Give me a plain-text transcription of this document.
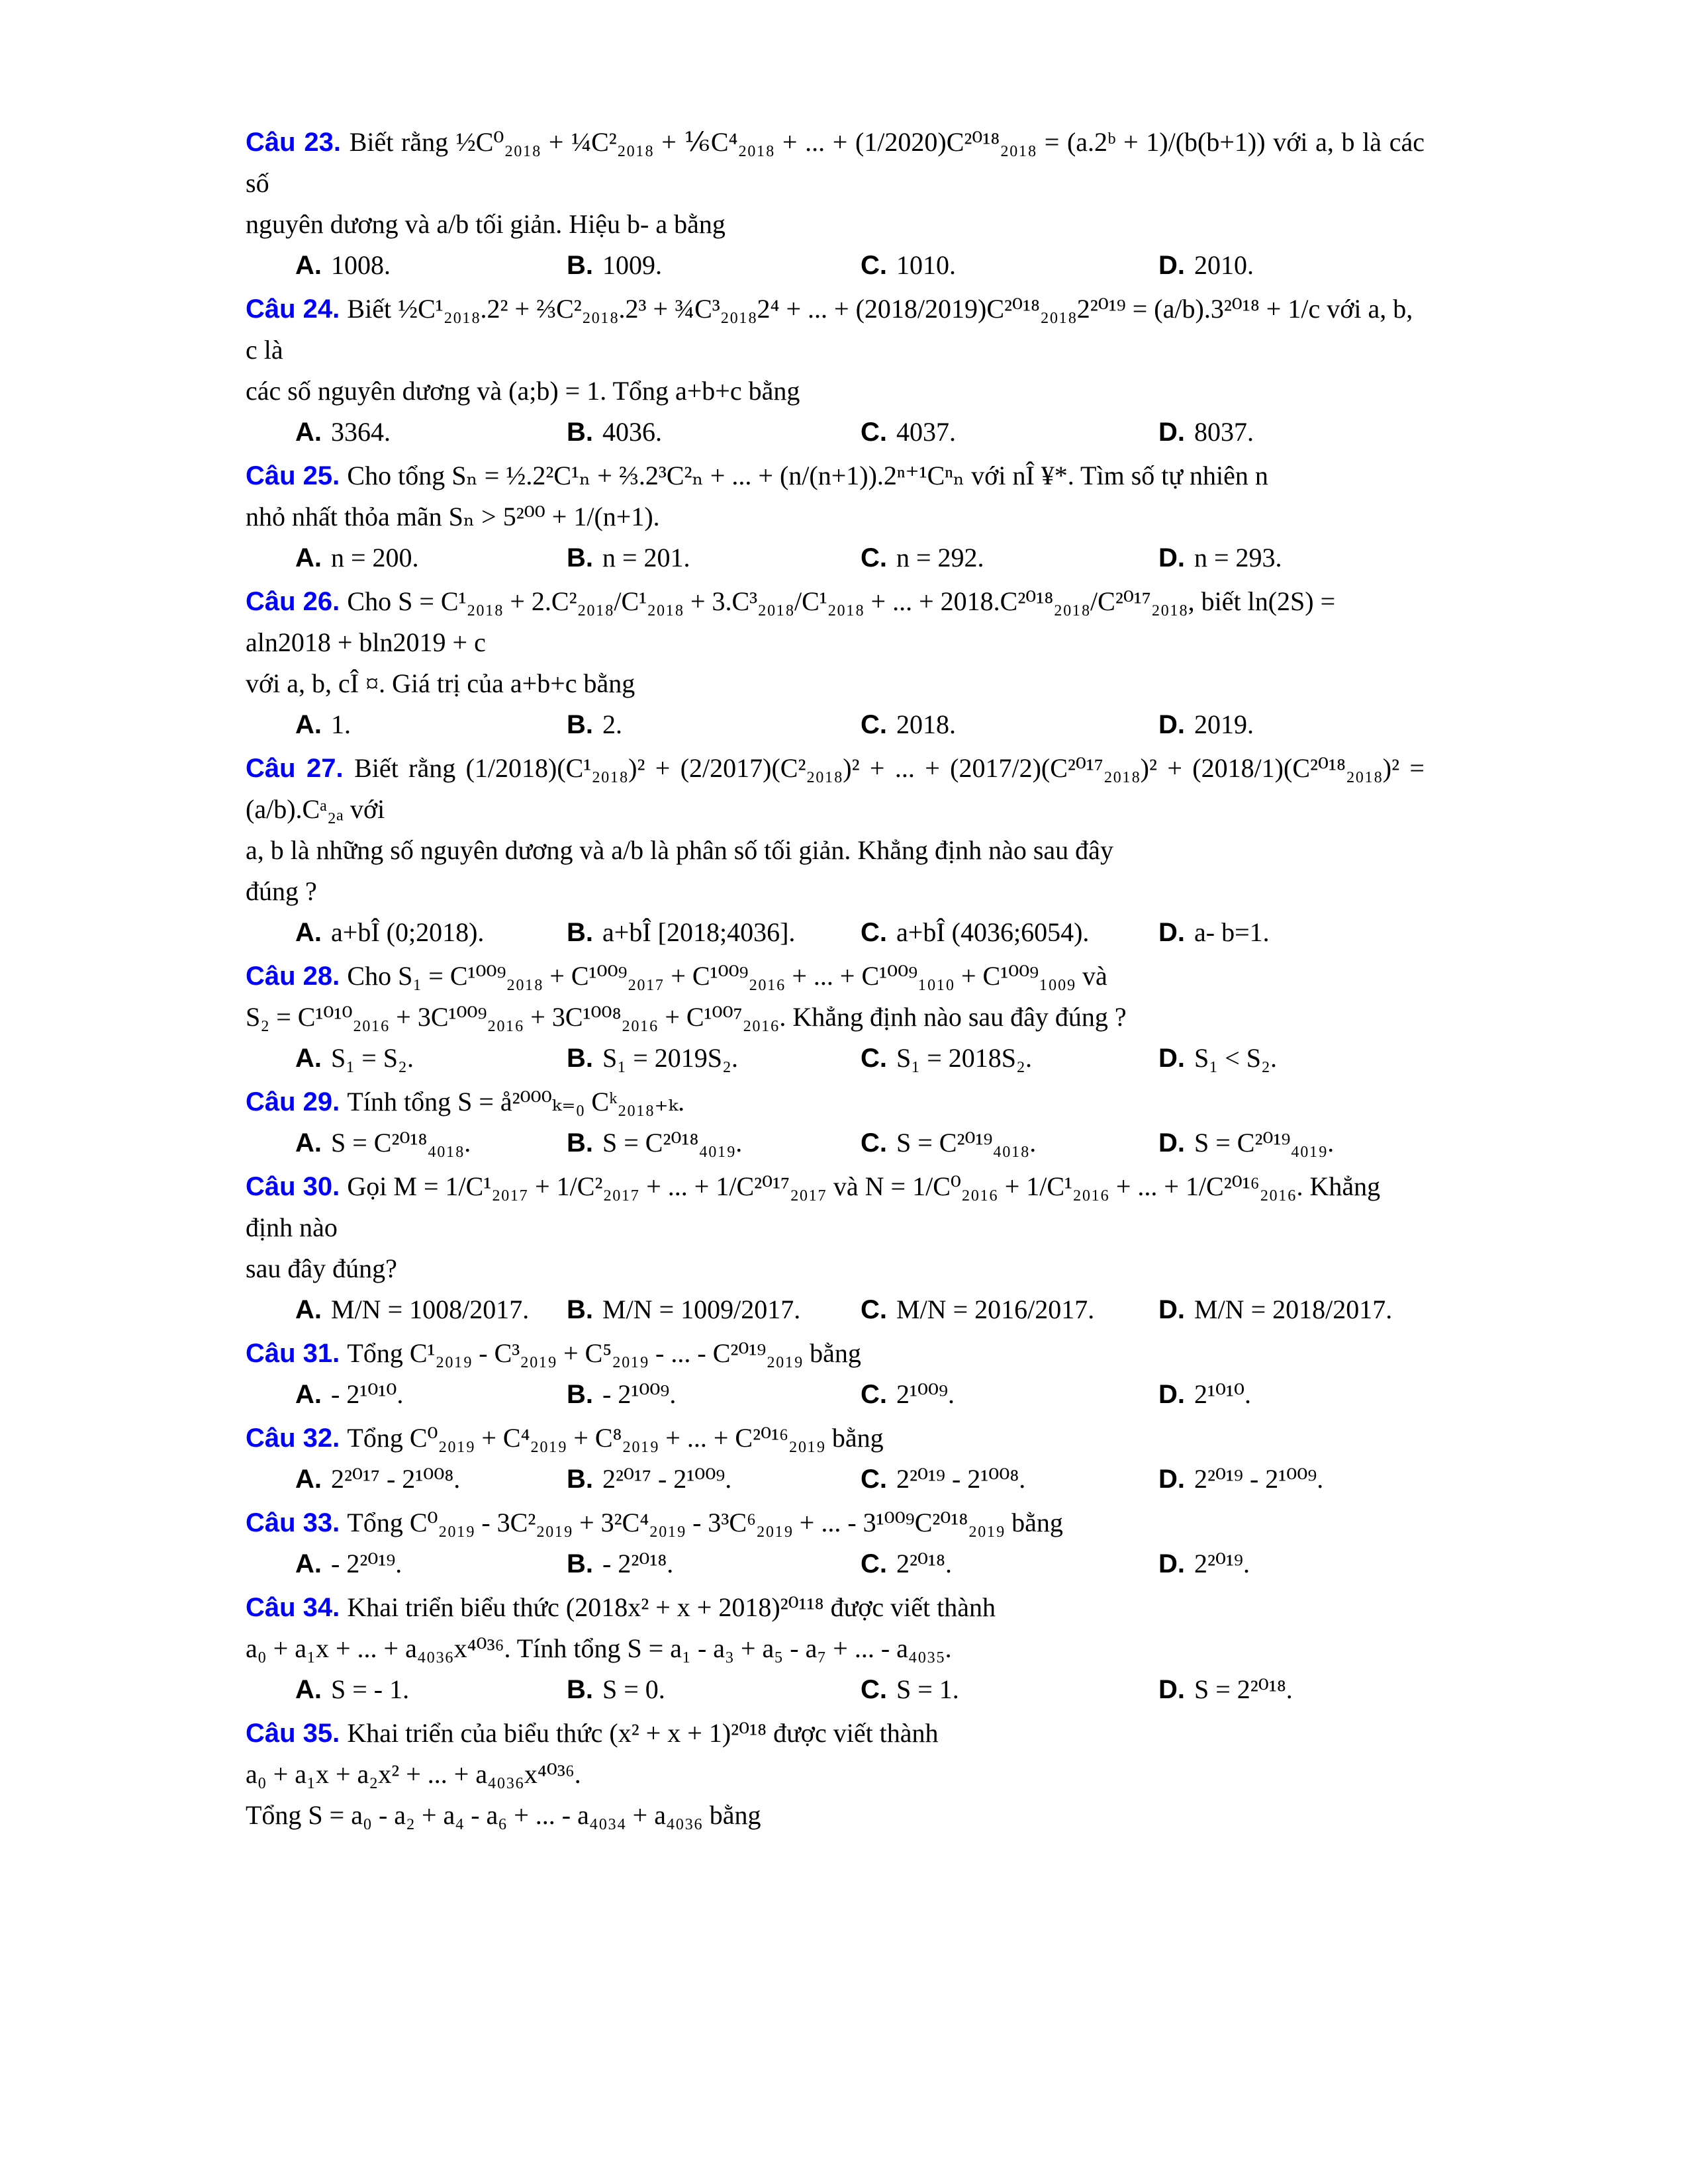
Câu 23. Biết rằng ½C⁰₂₀₁₈ + ¼C²₂₀₁₈ + ⅙C⁴₂₀₁₈ + ... + (1/2020)C²⁰¹⁸₂₀₁₈ = (a.2ᵇ + 1)/(b(b+1)) với a, b là các số
nguyên dương và a/b tối giản. Hiệu b- a bằng
A. 1008.	B. 1009.	C. 1010.	D. 2010.
Câu 24. Biết ½C¹₂₀₁₈.2² + ⅔C²₂₀₁₈.2³ + ¾C³₂₀₁₈2⁴ + ... + (2018/2019)C²⁰¹⁸₂₀₁₈2²⁰¹⁹ = (a/b).3²⁰¹⁸ + 1/c với a, b, c là
các số nguyên dương và (a;b) = 1. Tổng a+b+c bằng
A. 3364.	B. 4036.	C. 4037.	D. 8037.
Câu 25. Cho tổng Sₙ = ½.2²C¹ₙ + ⅔.2³C²ₙ + ... + (n/(n+1)).2ⁿ⁺¹Cⁿₙ với nÎ ¥*. Tìm số tự nhiên n
nhỏ nhất thỏa mãn Sₙ > 5²⁰⁰ + 1/(n+1).
A. n = 200.	B. n = 201.	C. n = 292.	D. n = 293.
Câu 26. Cho S = C¹₂₀₁₈ + 2.C²₂₀₁₈/C¹₂₀₁₈ + 3.C³₂₀₁₈/C¹₂₀₁₈ + ... + 2018.C²⁰¹⁸₂₀₁₈/C²⁰¹⁷₂₀₁₈, biết ln(2S) = aln2018 + bln2019 + c
với a, b, cÎ ¤. Giá trị của a+b+c bằng
A. 1.	B. 2.	C. 2018.	D. 2019.
Câu 27. Biết rằng (1/2018)(C¹₂₀₁₈)² + (2/2017)(C²₂₀₁₈)² + ... + (2017/2)(C²⁰¹⁷₂₀₁₈)² + (2018/1)(C²⁰¹⁸₂₀₁₈)² = (a/b).Cᵃ₂ₐ với
a, b là những số nguyên dương và a/b là phân số tối giản. Khẳng định nào sau đây
đúng ?
A. a+bÎ (0;2018).	B. a+bÎ [2018;4036].	C. a+bÎ (4036;6054).	D. a- b=1.
Câu 28. Cho S₁ = C¹⁰⁰⁹₂₀₁₈ + C¹⁰⁰⁹₂₀₁₇ + C¹⁰⁰⁹₂₀₁₆ + ... + C¹⁰⁰⁹₁₀₁₀ + C¹⁰⁰⁹₁₀₀₉ và
S₂ = C¹⁰¹⁰₂₀₁₆ + 3C¹⁰⁰⁹₂₀₁₆ + 3C¹⁰⁰⁸₂₀₁₆ + C¹⁰⁰⁷₂₀₁₆. Khẳng định nào sau đây đúng ?
A. S₁ = S₂.	B. S₁ = 2019S₂.	C. S₁ = 2018S₂.	D. S₁ < S₂.
Câu 29. Tính tổng S = å²⁰⁰⁰ₖ₌₀ Cᵏ₂₀₁₈₊ₖ.
A. S = C²⁰¹⁸₄₀₁₈.	B. S = C²⁰¹⁸₄₀₁₉.	C. S = C²⁰¹⁹₄₀₁₈.	D. S = C²⁰¹⁹₄₀₁₉.
Câu 30. Gọi M = 1/C¹₂₀₁₇ + 1/C²₂₀₁₇ + ... + 1/C²⁰¹⁷₂₀₁₇ và N = 1/C⁰₂₀₁₆ + 1/C¹₂₀₁₆ + ... + 1/C²⁰¹⁶₂₀₁₆. Khẳng định nào
sau đây đúng?
A. M/N = 1008/2017.	B. M/N = 1009/2017.	C. M/N = 2016/2017.	D. M/N = 2018/2017.
Câu 31. Tổng C¹₂₀₁₉ - C³₂₀₁₉ + C⁵₂₀₁₉ - ... - C²⁰¹⁹₂₀₁₉ bằng
A. - 2¹⁰¹⁰.	B. - 2¹⁰⁰⁹.	C. 2¹⁰⁰⁹.	D. 2¹⁰¹⁰.
Câu 32. Tổng C⁰₂₀₁₉ + C⁴₂₀₁₉ + C⁸₂₀₁₉ + ... + C²⁰¹⁶₂₀₁₉ bằng
A. 2²⁰¹⁷ - 2¹⁰⁰⁸.	B. 2²⁰¹⁷ - 2¹⁰⁰⁹.	C. 2²⁰¹⁹ - 2¹⁰⁰⁸.	D. 2²⁰¹⁹ - 2¹⁰⁰⁹.
Câu 33. Tổng C⁰₂₀₁₉ - 3C²₂₀₁₉ + 3²C⁴₂₀₁₉ - 3³C⁶₂₀₁₉ + ... - 3¹⁰⁰⁹C²⁰¹⁸₂₀₁₉ bằng
A. - 2²⁰¹⁹.	B. - 2²⁰¹⁸.	C. 2²⁰¹⁸.	D. 2²⁰¹⁹.
Câu 34. Khai triển biểu thức (2018x² + x + 2018)²⁰¹¹⁸ được viết thành
a₀ + a₁x + ... + a₄₀₃₆x⁴⁰³⁶. Tính tổng S = a₁ - a₃ + a₅ - a₇ + ... - a₄₀₃₅.
A. S = - 1.	B. S = 0.	C. S = 1.	D. S = 2²⁰¹⁸.
Câu 35. Khai triển của biểu thức (x² + x + 1)²⁰¹⁸ được viết thành
a₀ + a₁x + a₂x² + ... + a₄₀₃₆x⁴⁰³⁶.
Tổng S = a₀ - a₂ + a₄ - a₆ + ... - a₄₀₃₄ + a₄₀₃₆ bằng
